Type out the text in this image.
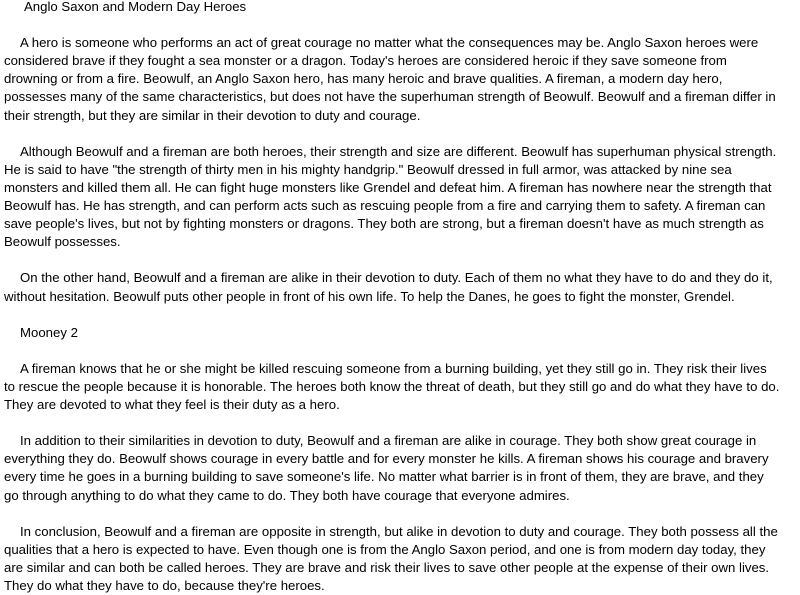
Anglo Saxon and Modern Day Heroes

A hero is someone who performs an act of great courage no matter what the consequences may be. Anglo Saxon heroes were
considered brave if they fought a sea monster or a dragon. Today's heroes are considered heroic if they save someone from
drowning or from a fire. Beowulf, an Anglo Saxon hero, has many heroic and brave qualities. A fireman, a modern day hero,
possesses many of the same characteristics, but does not have the superhuman strength of Beowulf. Beowulf and a fireman differ in
their strength, but they are similar in their devotion to duty and courage.

Although Beowulf and a fireman are both heroes, their strength and size are different. Beowulf has superhuman physical strength.
He is said to have "the strength of thirty men in his mighty handgrip." Beowulf dressed in full armor, was attacked by nine sea
monsters and killed them all. He can fight huge monsters like Grendel and defeat him. A fireman has nowhere near the strength that
Beowulf has. He has strength, and can perform acts such as rescuing people from a fire and carrying them to safety. A fireman can
save people's lives, but not by fighting monsters or dragons. They both are strong, but a fireman doesn't have as much strength as
Beowulf possesses.

On the other hand, Beowulf and a fireman are alike in their devotion to duty. Each of them no what they have to do and they do it,
without hesitation. Beowulf puts other people in front of his own life. To help the Danes, he goes to fight the monster, Grendel.

Mooney 2

A fireman knows that he or she might be killed rescuing someone from a burning building, yet they still go in. They risk their lives
to rescue the people because it is honorable. The heroes both know the threat of death, but they still go and do what they have to do.
They are devoted to what they feel is their duty as a hero.

In addition to their similarities in devotion to duty, Beowulf and a fireman are alike in courage. They both show great courage in
everything they do. Beowulf shows courage in every battle and for every monster he kills. A fireman shows his courage and bravery
every time he goes in a burning building to save someone's life. No matter what barrier is in front of them, they are brave, and they
go through anything to do what they came to do. They both have courage that everyone admires.

In conclusion, Beowulf and a fireman are opposite in strength, but alike in devotion to duty and courage. They both possess all the
qualities that a hero is expected to have. Even though one is from the Anglo Saxon period, and one is from modern day today, they
are similar and can both be called heroes. They are brave and risk their lives to save other people at the expense of their own lives.
They do what they have to do, because they're heroes.
